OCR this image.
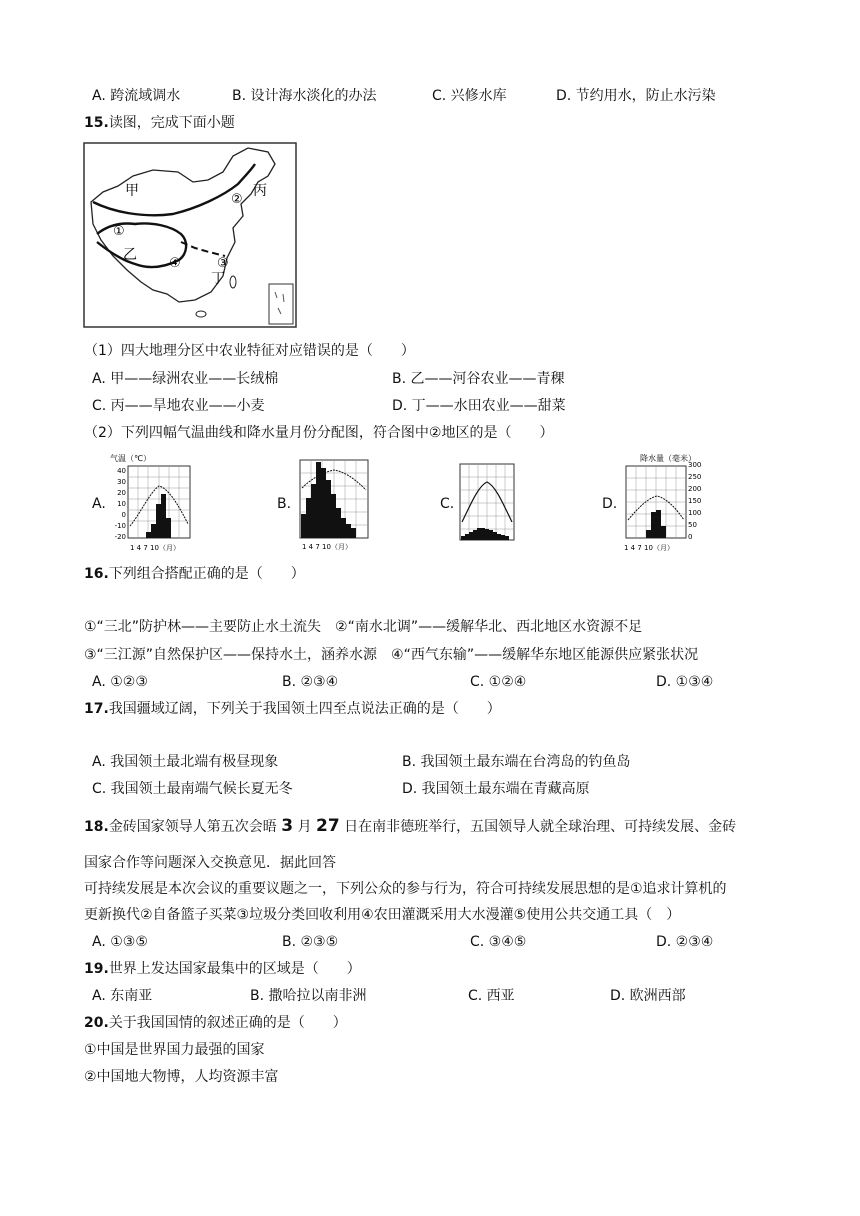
A. 跨流域调水	B. 设计海水淡化的办法	C. 兴修水库	D. 节约用水，防止水污染
15.读图，完成下面小题
甲
乙
丙
丁
①
②
③
④
（1）四大地理分区中农业特征对应错误的是（　　）
A. 甲——绿洲农业——长绒棉	B. 乙——河谷农业——青稞
C. 丙——旱地农业——小麦	D. 丁——水田农业——甜菜
（2）下列四幅气温曲线和降水量月份分配图，符合图中②地区的是（　　）
A.
气温（℃）
40
30
20
10
0
-10
-20
1 4 7 10（月）
B.
1 4 7 10（月）
C.	D.
降水量（毫米）
300
250
200
150
100
50
0
1 4 7 10（月）
16.下列组合搭配正确的是（　　）
①“三北”防护林——主要防止水土流失　②“南水北调”——缓解华北、西北地区水资源不足
③“三江源”自然保护区——保持水土，涵养水源　④“西气东输”——缓解华东地区能源供应紧张状况
A. ①②③	B. ②③④	C. ①②④	D. ①③④
17.我国疆域辽阔，下列关于我国领土四至点说法正确的是（　　）
A. 我国领土最北端有极昼现象	B. 我国领土最东端在台湾岛的钓鱼岛
C. 我国领土最南端气候长夏无冬	D. 我国领土最东端在青藏高原
18.金砖国家领导人第五次会晤 3 月 27 日在南非德班举行，五国领导人就全球治理、可持续发展、金砖
国家合作等问题深入交换意见．据此回答
可持续发展是本次会议的重要议题之一，下列公众的参与行为，符合可持续发展思想的是①追求计算机的
更新换代②自备篮子买菜③垃圾分类回收利用④农田灌溉采用大水漫灌⑤使用公共交通工具（　）
A. ①③⑤	B. ②③⑤	C. ③④⑤	D. ②③④
19.世界上发达国家最集中的区域是（　　）
A. 东南亚	B. 撒哈拉以南非洲	C. 西亚	D. 欧洲西部
20.关于我国国情的叙述正确的是（　　）
①中国是世界国力最强的国家
②中国地大物博，人均资源丰富
